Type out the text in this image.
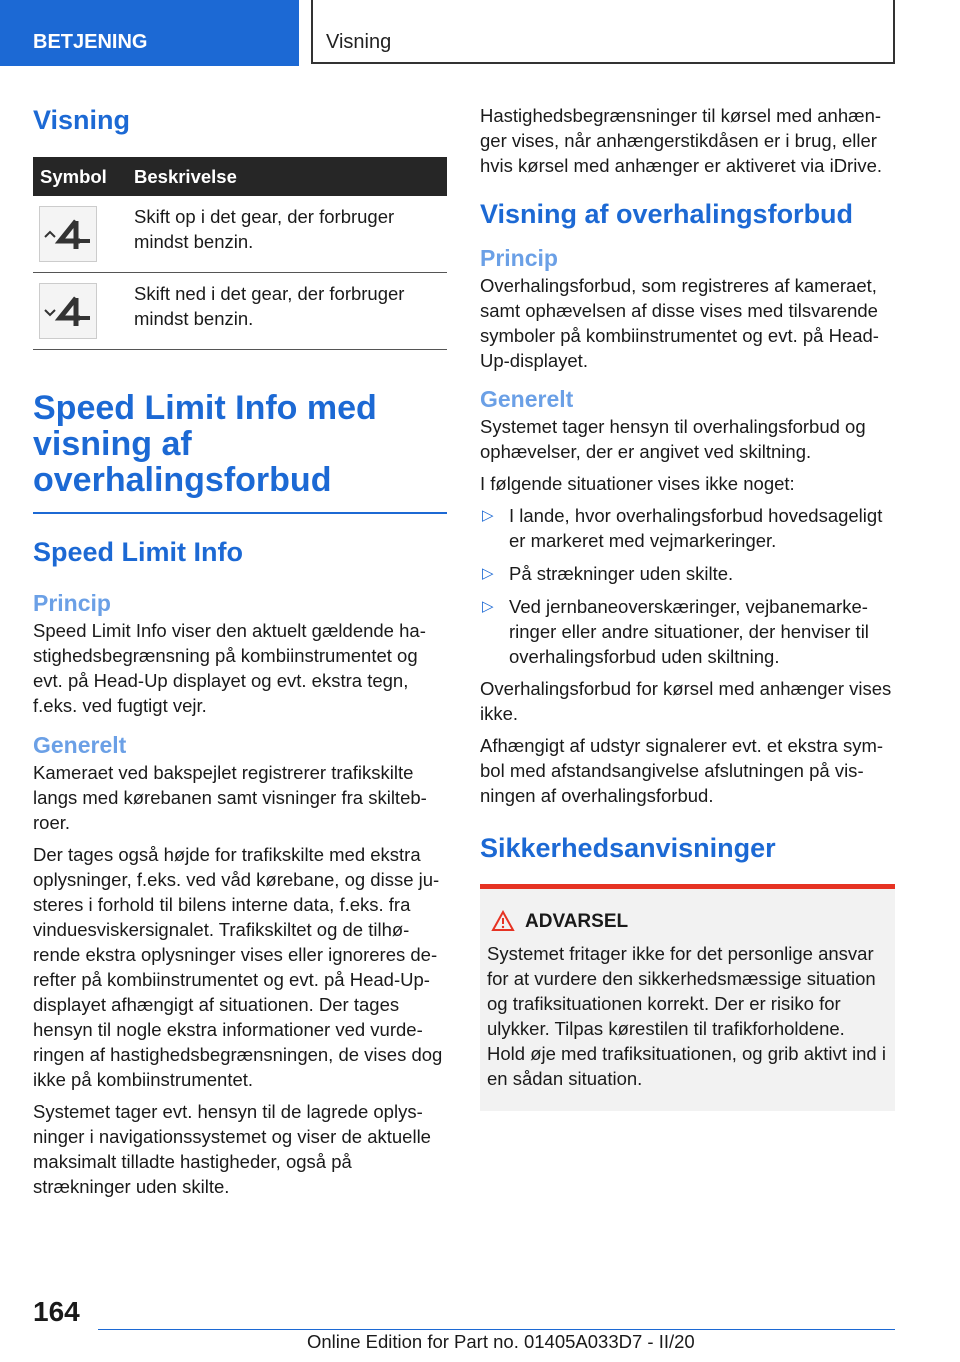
BETJENING	Visning
Visning
Symbol	Beskrivelse

	Skift op i det gear, der forbruger mindst benzin.

	Skift ned i det gear, der forbruger mindst benzin.
Speed Limit Info med visning af overhalingsforbud
Speed Limit Info
Princip

Speed Limit Info viser den aktuelt gældende hastighedsbegrænsning på kombiinstrumentet og evt. på Head-Up displayet og evt. ekstra tegn, f.eks. ved fugtigt vejr.

Generelt

Kameraet ved bakspejlet registrerer trafikskilte langs med kørebanen samt visninger fra skiltebroer.

Der tages også højde for trafikskilte med ekstra oplysninger, f.eks. ved våd kørebane, og disse justeres i forhold til bilens interne data, f.eks. fra vinduesviskersignalet. Trafikskiltet og de tilhørende ekstra oplysninger vises eller ignoreres derefter på kombiinstrumentet og evt. på Head-Up-displayet afhængigt af situationen. Der tages hensyn til nogle ekstra informationer ved vurderingen af hastighedsbegrænsningen, de vises dog ikke på kombiinstrumentet.

Systemet tager evt. hensyn til de lagrede oplysninger i navigationssystemet og viser de aktuelle maksimalt tilladte hastigheder, også på strækninger uden skilte.

Hastighedsbegrænsninger til kørsel med anhænger vises, når anhængerstikdåsen er i brug, eller hvis kørsel med anhænger er aktiveret via iDrive.

Visning af overhalingsforbud
Princip

Overhalingsforbud, som registreres af kameraet, samt ophævelsen af disse vises med tilsvarende symboler på kombiinstrumentet og evt. på Head-Up-displayet.

Generelt

Systemet tager hensyn til overhalingsforbud og ophævelser, der er angivet ved skiltning.

I følgende situationer vises ikke noget:

▷ I lande, hvor overhalingsforbud hovedsageligt er markeret med vejmarkeringer.
▷ På strækninger uden skilte.
▷ Ved jernbaneoverskæringer, vejbanemarkeringer eller andre situationer, der henviser til overhalingsforbud uden skiltning.

Overhalingsforbud for kørsel med anhænger vises ikke.

Afhængigt af udstyr signalerer evt. et ekstra symbol med afstandsangivelse afslutningen på visningen af overhalingsforbud.

Sikkerhedsanvisninger
ADVARSEL

Systemet fritager ikke for det personlige ansvar for at vurdere den sikkerhedsmæssige situation og trafiksituationen korrekt. Der er risiko for ulykker. Tilpas kørestilen til trafikforholdene. Hold øje med trafiksituationen, og grib aktivt ind i en sådan situation.

164
Online Edition for Part no. 01405A033D7 - II/20
